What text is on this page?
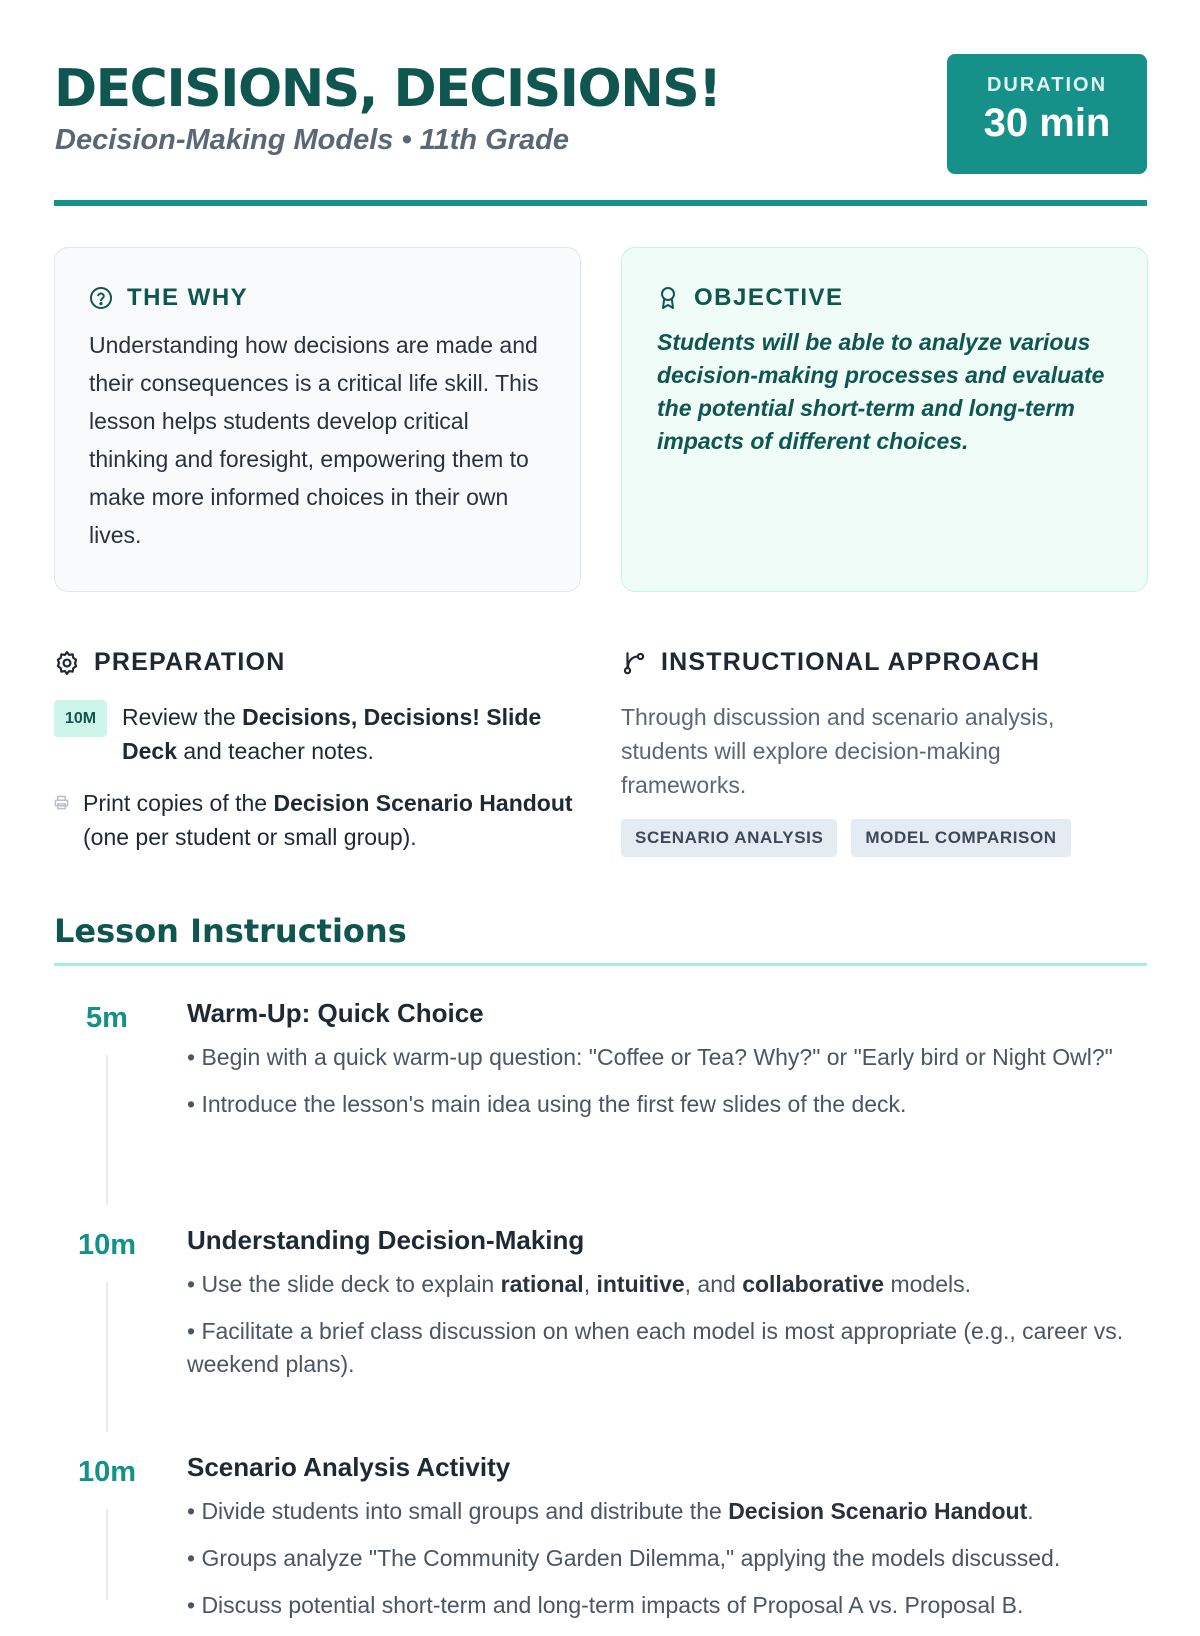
DECISIONS, DECISIONS!
Decision-Making Models • 11th Grade
DURATION
30 min
THE WHY
Understanding how decisions are made and their consequences is a critical life skill. This lesson helps students develop critical thinking and foresight, empowering them to make more informed choices in their own lives.
OBJECTIVE
Students will be able to analyze various decision-making processes and evaluate the potential short-term and long-term impacts of different choices.
PREPARATION
10M	Review the Decisions, Decisions! Slide Deck and teacher notes.
Print copies of the Decision Scenario Handout (one per student or small group).
INSTRUCTIONAL APPROACH
Through discussion and scenario analysis, students will explore decision-making frameworks.
SCENARIO ANALYSIS	MODEL COMPARISON
Lesson Instructions
5m	Warm-Up: Quick Choice
• Begin with a quick warm-up question: "Coffee or Tea? Why?" or "Early bird or Night Owl?"
• Introduce the lesson's main idea using the first few slides of the deck.
10m	Understanding Decision-Making
• Use the slide deck to explain rational, intuitive, and collaborative models.
• Facilitate a brief class discussion on when each model is most appropriate (e.g., career vs. weekend plans).
10m	Scenario Analysis Activity
• Divide students into small groups and distribute the Decision Scenario Handout.
• Groups analyze "The Community Garden Dilemma," applying the models discussed.
• Discuss potential short-term and long-term impacts of Proposal A vs. Proposal B.
